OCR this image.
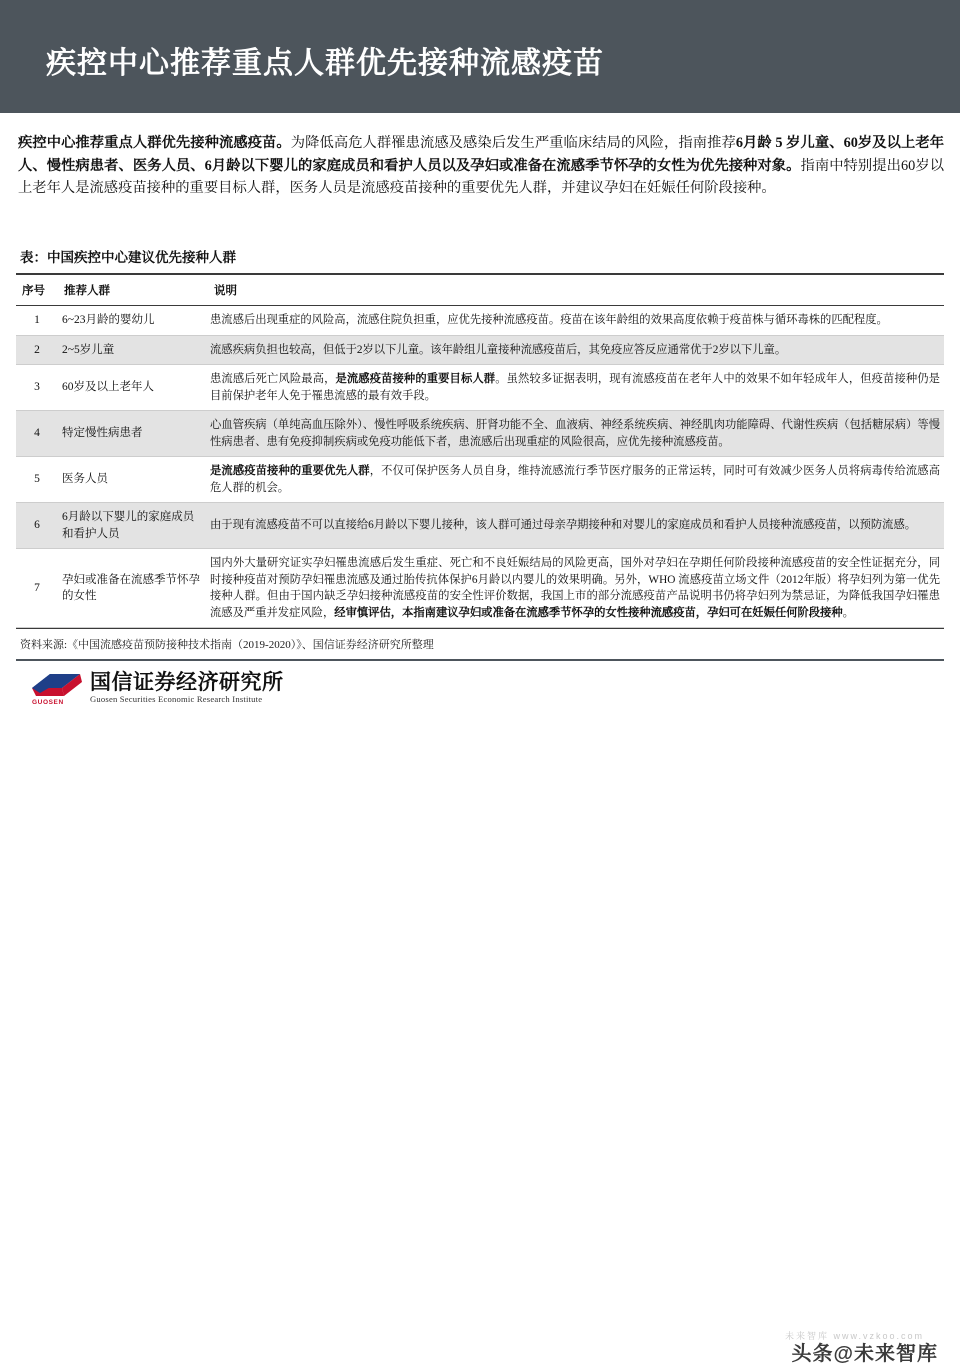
疾控中心推荐重点人群优先接种流感疫苗
疾控中心推荐重点人群优先接种流感疫苗。为降低高危人群罹患流感及感染后发生严重临床结局的风险，指南推荐6月龄 5 岁儿童、60岁及以上老年人、慢性病患者、医务人员、6月龄以下婴儿的家庭成员和看护人员以及孕妇或准备在流感季节怀孕的女性为优先接种对象。指南中特别提出60岁以上老年人是流感疫苗接种的重要目标人群，医务人员是流感疫苗接种的重要优先人群，并建议孕妇在妊娠任何阶段接种。
表：中国疾控中心建议优先接种人群
序号	推荐人群	说明
1	6~23月龄的婴幼儿	患流感后出现重症的风险高，流感住院负担重，应优先接种流感疫苗。疫苗在该年龄组的效果高度依赖于疫苗株与循环毒株的匹配程度。
2	2~5岁儿童	流感疾病负担也较高，但低于2岁以下儿童。该年龄组儿童接种流感疫苗后，其免疫应答反应通常优于2岁以下儿童。
3	60岁及以上老年人	患流感后死亡风险最高，是流感疫苗接种的重要目标人群。虽然较多证据表明，现有流感疫苗在老年人中的效果不如年轻成年人，但疫苗接种仍是目前保护老年人免于罹患流感的最有效手段。
4	特定慢性病患者	心血管疾病（单纯高血压除外）、慢性呼吸系统疾病、肝肾功能不全、血液病、神经系统疾病、神经肌肉功能障碍、代谢性疾病（包括糖尿病）等慢性病患者、患有免疫抑制疾病或免疫功能低下者，患流感后出现重症的风险很高，应优先接种流感疫苗。
5	医务人员	是流感疫苗接种的重要优先人群，不仅可保护医务人员自身，维持流感流行季节医疗服务的正常运转，同时可有效减少医务人员将病毒传给流感高危人群的机会。
6	6月龄以下婴儿的家庭成员和看护人员	由于现有流感疫苗不可以直接给6月龄以下婴儿接种，该人群可通过母亲孕期接种和对婴儿的家庭成员和看护人员接种流感疫苗，以预防流感。
7	孕妇或准备在流感季节怀孕的女性	国内外大量研究证实孕妇罹患流感后发生重症、死亡和不良妊娠结局的风险更高，国外对孕妇在孕期任何阶段接种流感疫苗的安全性证据充分，同时接种疫苗对预防孕妇罹患流感及通过胎传抗体保护6月龄以内婴儿的效果明确。另外，WHO 流感疫苗立场文件（2012年版）将孕妇列为第一优先接种人群。但由于国内缺乏孕妇接种流感疫苗的安全性评价数据，我国上市的部分流感疫苗产品说明书仍将孕妇列为禁忌证，为降低我国孕妇罹患流感及严重并发症风险，经审慎评估，本指南建议孕妇或准备在流感季节怀孕的女性接种流感疫苗，孕妇可在妊娠任何阶段接种。
资料来源:《中国流感疫苗预防接种技术指南（2019-2020）》、国信证券经济研究所整理
GUOSEN
国信证券经济研究所
Guosen Securities Economic Research Institute
未来智库 www.vzkoo.com
头条@未来智库
